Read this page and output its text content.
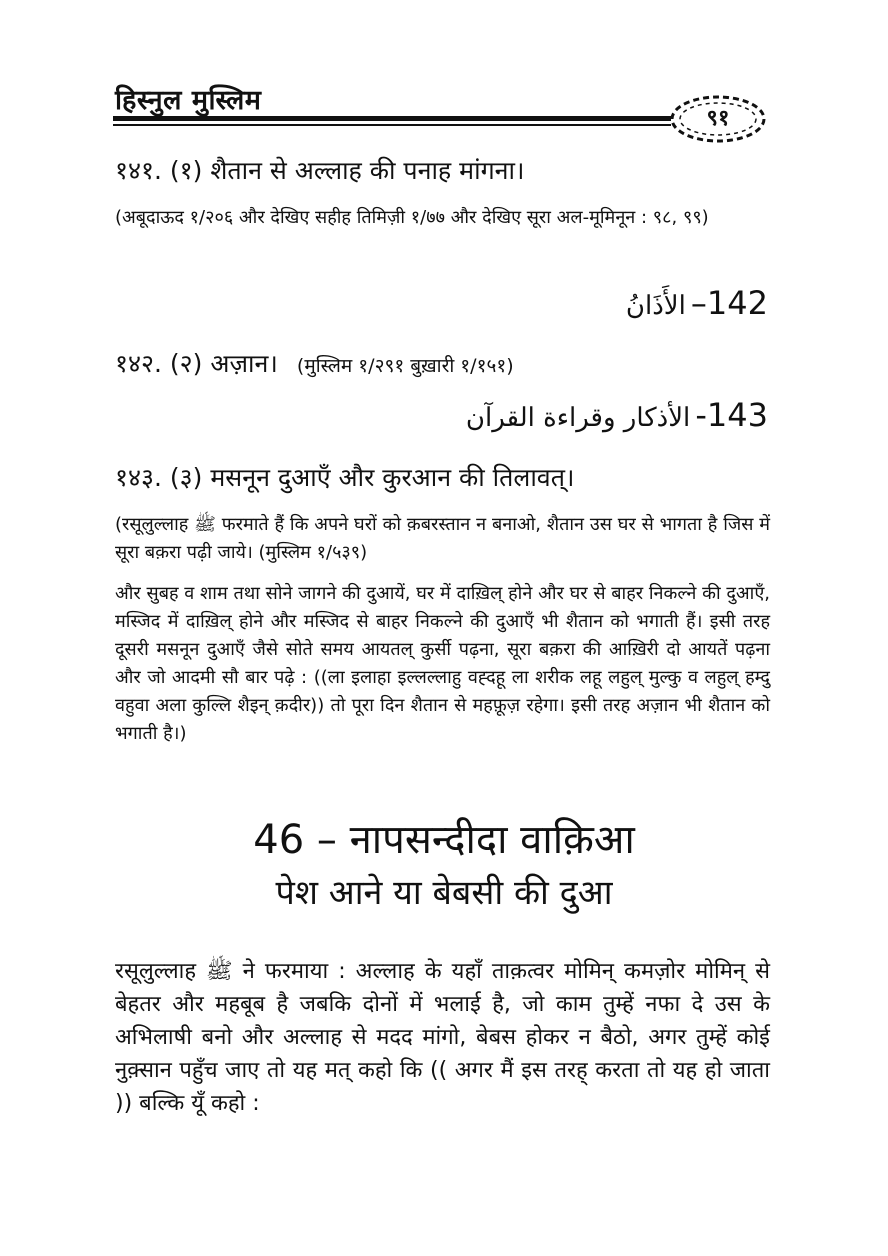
हिस्नुल मुस्लिम
९१
१४१. (१) शैतान से अल्लाह की पनाह मांगना।
(अबूदाऊद १/२०६ और देखिए सहीह तिमिज़ी १/७७ और देखिए सूरा अल-मूमिनून : ९८, ९९)
142– الأَذَانُ
१४२. (२) अज़ान। (मुस्लिम १/२९१ बुख़ारी १/१५१)
143- الأذكار وقراءة القرآن
१४३. (३) मसनून दुआएँ और कुरआन की तिलावत्।
(रसूलुल्लाह ﷺ फरमाते हैं कि अपने घरों को क़बरस्तान न बनाओ, शैतान उस घर से भागता है जिस में सूरा बक़रा पढ़ी जाये। (मुस्लिम १/५३९)
और सुबह व शाम तथा सोने जागने की दुआयें, घर में दाख़िल् होने और घर से बाहर निकल्ने की दुआएँ, मस्जिद में दाख़िल् होने और मस्जिद से बाहर निकल्ने की दुआएँ भी शैतान को भगाती हैं। इसी तरह दूसरी मसनून दुआएँ जैसे सोते समय आयतल् कुर्सी पढ़ना, सूरा बक़रा की आख़िरी दो आयतें पढ़ना और जो आदमी सौ बार पढ़े : ((ला इलाहा इल्लल्लाहु वह्दहू ला शरीक लहू लहुल् मुल्कु व लहुल् हम्दु वहुवा अला कुल्लि शैइन् क़दीर)) तो पूरा दिन शैतान से महफ़ूज़ रहेगा। इसी तरह अज़ान भी शैतान को भगाती है।)
46 – नापसन्दीदा वाक़िआ
पेश आने या बेबसी की दुआ
रसूलुल्लाह ﷺ ने फरमाया : अल्लाह के यहाँ ताक़त्वर मोमिन् कमज़ोर मोमिन् से बेहतर और महबूब है जबकि दोनों में भलाई है, जो काम तुम्हें नफा दे उस के अभिलाषी बनो और अल्लाह से मदद मांगो, बेबस होकर न बैठो, अगर तुम्हें कोई नुक़्सान पहुँच जाए तो यह मत् कहो कि (( अगर मैं इस तरह् करता तो यह हो जाता )) बल्कि यूँ कहो :
